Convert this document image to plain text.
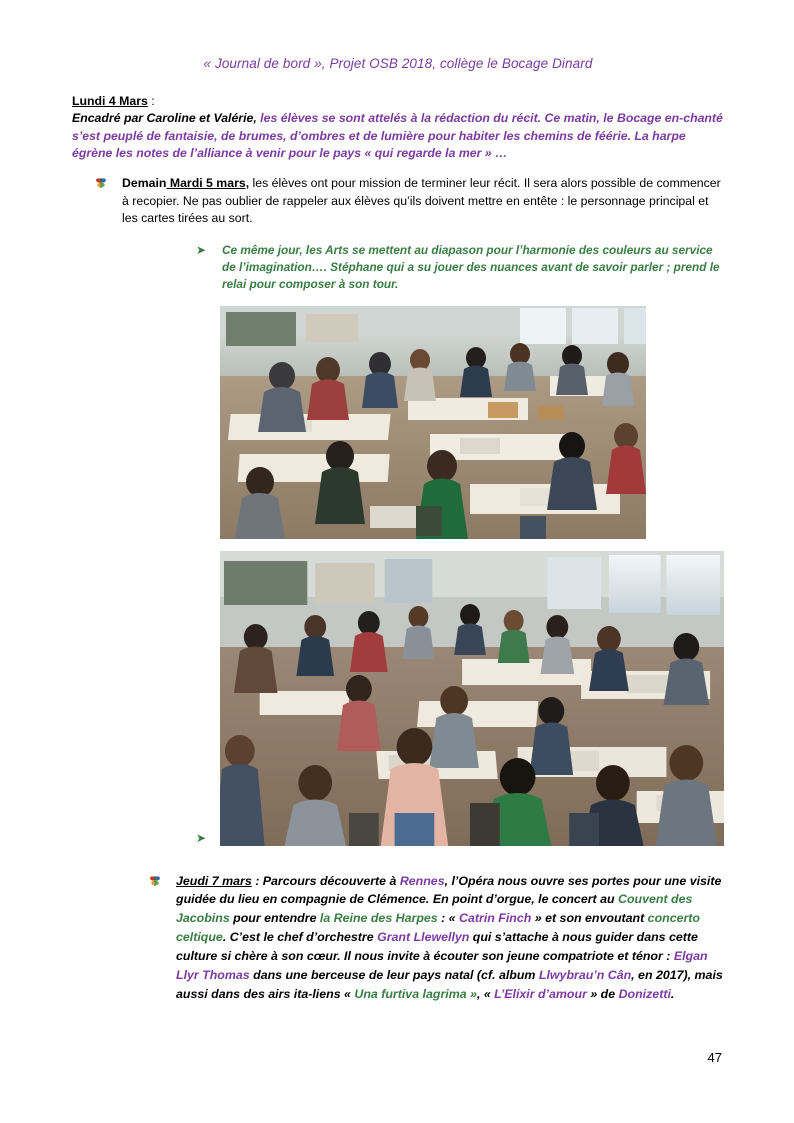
« Journal de bord », Projet OSB 2018, collège le Bocage Dinard
Lundi 4 Mars :
Encadré par Caroline et Valérie, les élèves se sont attelés à la rédaction du récit. Ce matin, le Bocage en-chanté s’est peuplé de fantaisie, de brumes, d’ombres et de lumière pour habiter les chemins de féérie. La harpe égrène les notes de l’alliance à venir pour le pays « qui regarde la mer » …
Demain Mardi 5 mars, les élèves ont pour mission de terminer leur récit. Il sera alors possible de commencer à recopier. Ne pas oublier de rappeler aux élèves qu’ils doivent mettre en entête : le personnage principal et les cartes tirées au sort.
➤ Ce même jour, les Arts se mettent au diapason pour l’harmonie des couleurs au service de l’imagination…. Stéphane qui a su jouer des nuances avant de savoir parler ; prend le relai pour composer à son tour.
➤
Jeudi 7 mars : Parcours découverte à Rennes, l’Opéra nous ouvre ses portes pour une visite guidée du lieu en compagnie de Clémence. En point d’orgue, le concert au Couvent des Jacobins pour entendre la Reine des Harpes : « Catrin Finch » et son envoutant concerto celtique. C’est le chef d’orchestre Grant Llewellyn qui s’attache à nous guider dans cette culture si chère à son cœur. Il nous invite à écouter son jeune compatriote et ténor : Elgan Llyr Thomas dans une berceuse de leur pays natal (cf. album Llwybrau’n Cân, en 2017), mais aussi dans des airs ita-liens « Una furtiva lagrima », « L’Elixir d’amour » de Donizetti.
47
